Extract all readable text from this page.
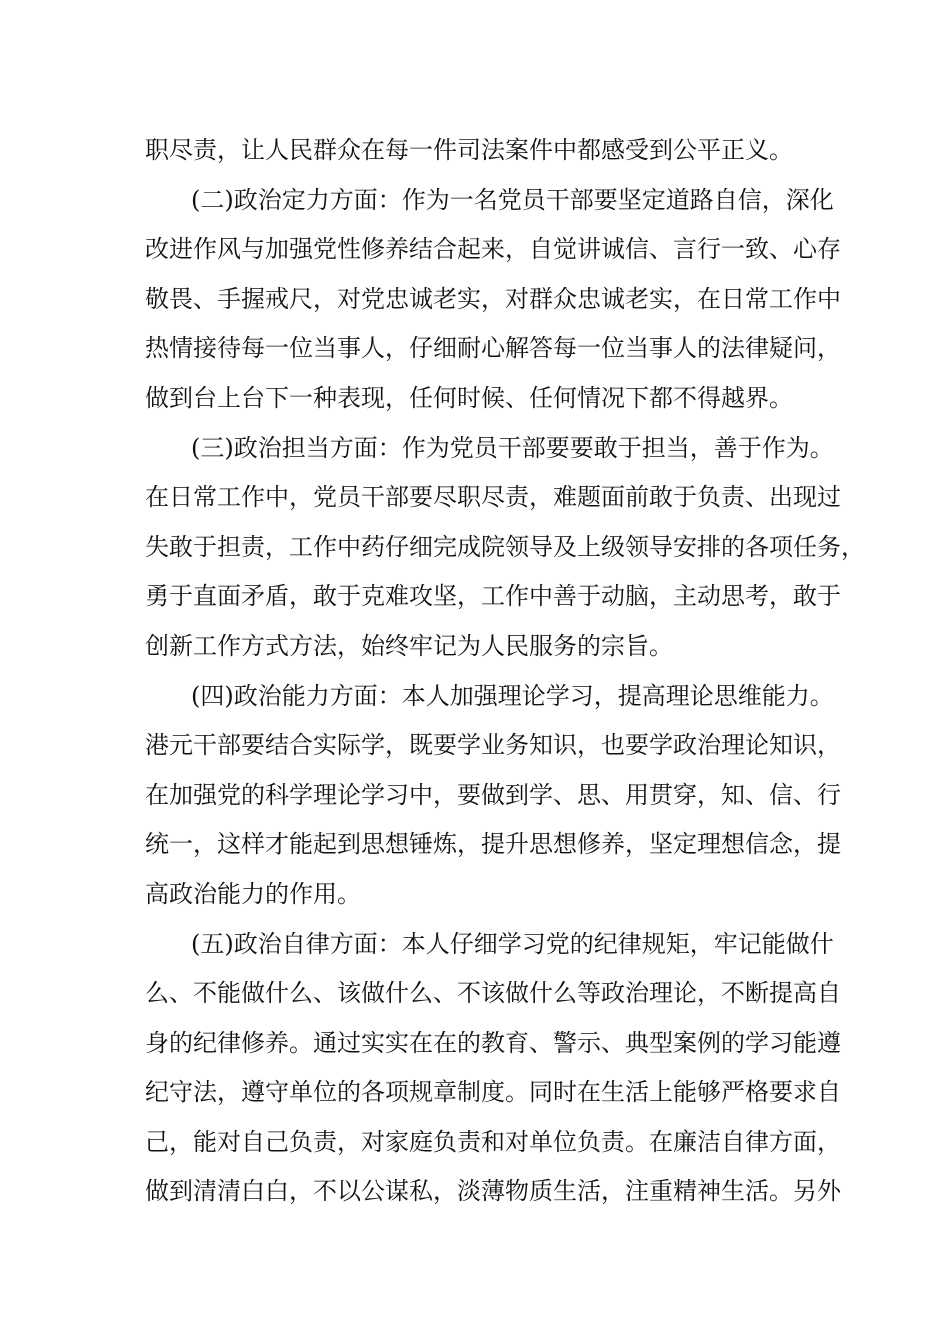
职尽责，让人民群众在每一件司法案件中都感受到公平正义。
(二)政治定力方面：作为一名党员干部要坚定道路自信，深化
改进作风与加强党性修养结合起来，自觉讲诚信、言行一致、心存
敬畏、手握戒尺，对党忠诚老实，对群众忠诚老实，在日常工作中
热情接待每一位当事人，仔细耐心解答每一位当事人的法律疑问，
做到台上台下一种表现，任何时候、任何情况下都不得越界。
(三)政治担当方面：作为党员干部要要敢于担当，善于作为。
在日常工作中，党员干部要尽职尽责，难题面前敢于负责、出现过
失敢于担责，工作中药仔细完成院领导及上级领导安排的各项任务，
勇于直面矛盾，敢于克难攻坚，工作中善于动脑，主动思考，敢于
创新工作方式方法，始终牢记为人民服务的宗旨。
(四)政治能力方面：本人加强理论学习，提高理论思维能力。
港元干部要结合实际学，既要学业务知识，也要学政治理论知识，
在加强党的科学理论学习中，要做到学、思、用贯穿，知、信、行
统一，这样才能起到思想锤炼，提升思想修养，坚定理想信念，提
高政治能力的作用。
(五)政治自律方面：本人仔细学习党的纪律规矩，牢记能做什
么、不能做什么、该做什么、不该做什么等政治理论，不断提高自
身的纪律修养。通过实实在在的教育、警示、典型案例的学习能遵
纪守法，遵守单位的各项规章制度。同时在生活上能够严格要求自
己，能对自己负责，对家庭负责和对单位负责。在廉洁自律方面，
做到清清白白，不以公谋私，淡薄物质生活，注重精神生活。另外
